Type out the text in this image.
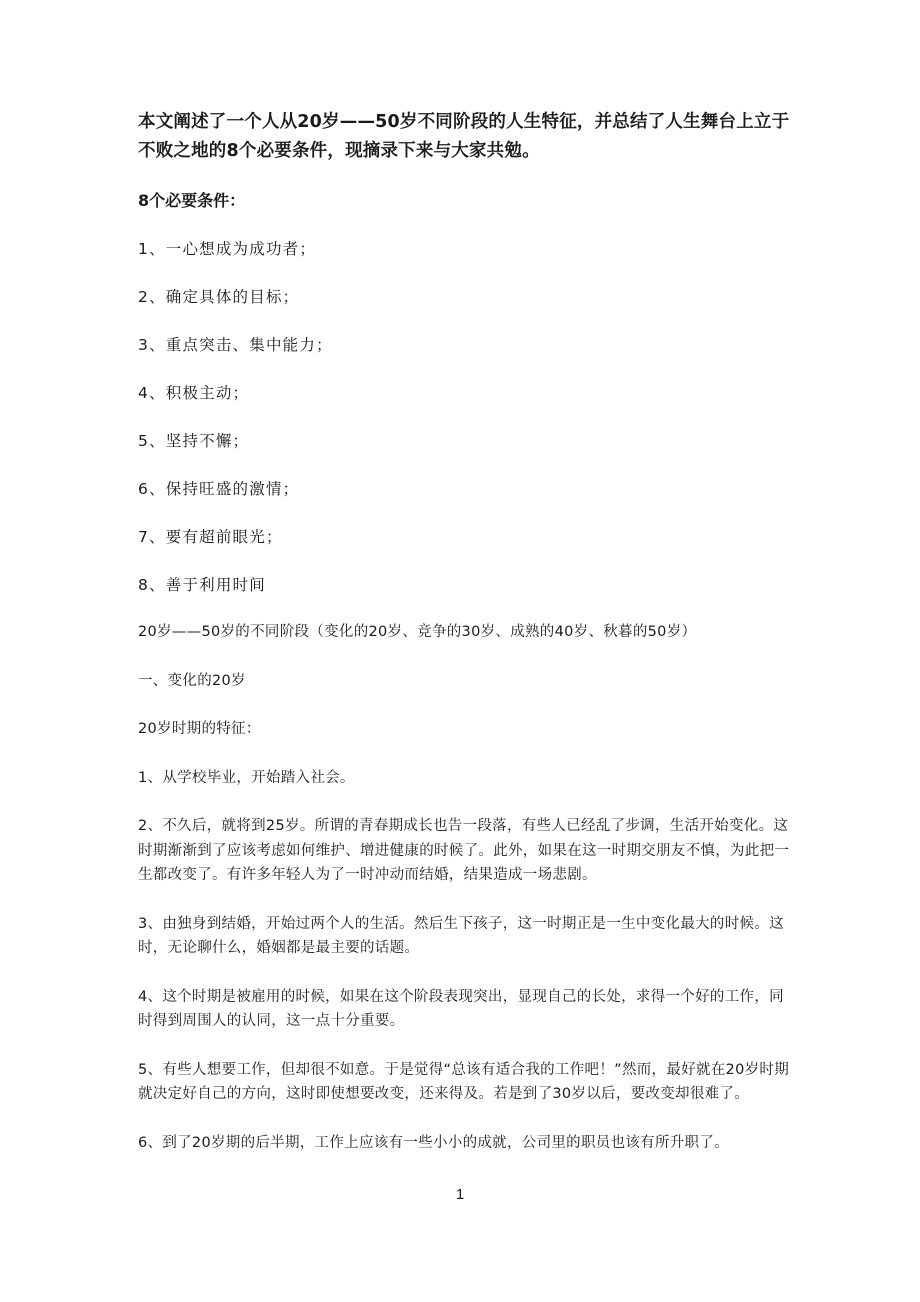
本文阐述了一个人从20岁——50岁不同阶段的人生特征，并总结了人生舞台上立于不败之地的8个必要条件，现摘录下来与大家共勉。

8个必要条件：

1、一心想成为成功者；

2、确定具体的目标；

3、重点突击、集中能力；

4、积极主动；

5、坚持不懈；

6、保持旺盛的激情；

7、要有超前眼光；

8、善于利用时间

20岁——50岁的不同阶段（变化的20岁、竞争的30岁、成熟的40岁、秋暮的50岁）

一、变化的20岁

20岁时期的特征：

1、从学校毕业，开始踏入社会。

2、不久后，就将到25岁。所谓的青春期成长也告一段落，有些人已经乱了步调，生活开始变化。这时期渐渐到了应该考虑如何维护、增进健康的时候了。此外，如果在这一时期交朋友不慎，为此把一生都改变了。有许多年轻人为了一时冲动而结婚，结果造成一场悲剧。

3、由独身到结婚，开始过两个人的生活。然后生下孩子，这一时期正是一生中变化最大的时候。这时，无论聊什么，婚姻都是最主要的话题。

4、这个时期是被雇用的时候，如果在这个阶段表现突出，显现自己的长处，求得一个好的工作，同时得到周围人的认同，这一点十分重要。

5、有些人想要工作，但却很不如意。于是觉得“总该有适合我的工作吧！”然而，最好就在20岁时期就决定好自己的方向，这时即使想要改变，还来得及。若是到了30岁以后，要改变却很难了。

6、到了20岁期的后半期，工作上应该有一些小小的成就，公司里的职员也该有所升职了。

1
